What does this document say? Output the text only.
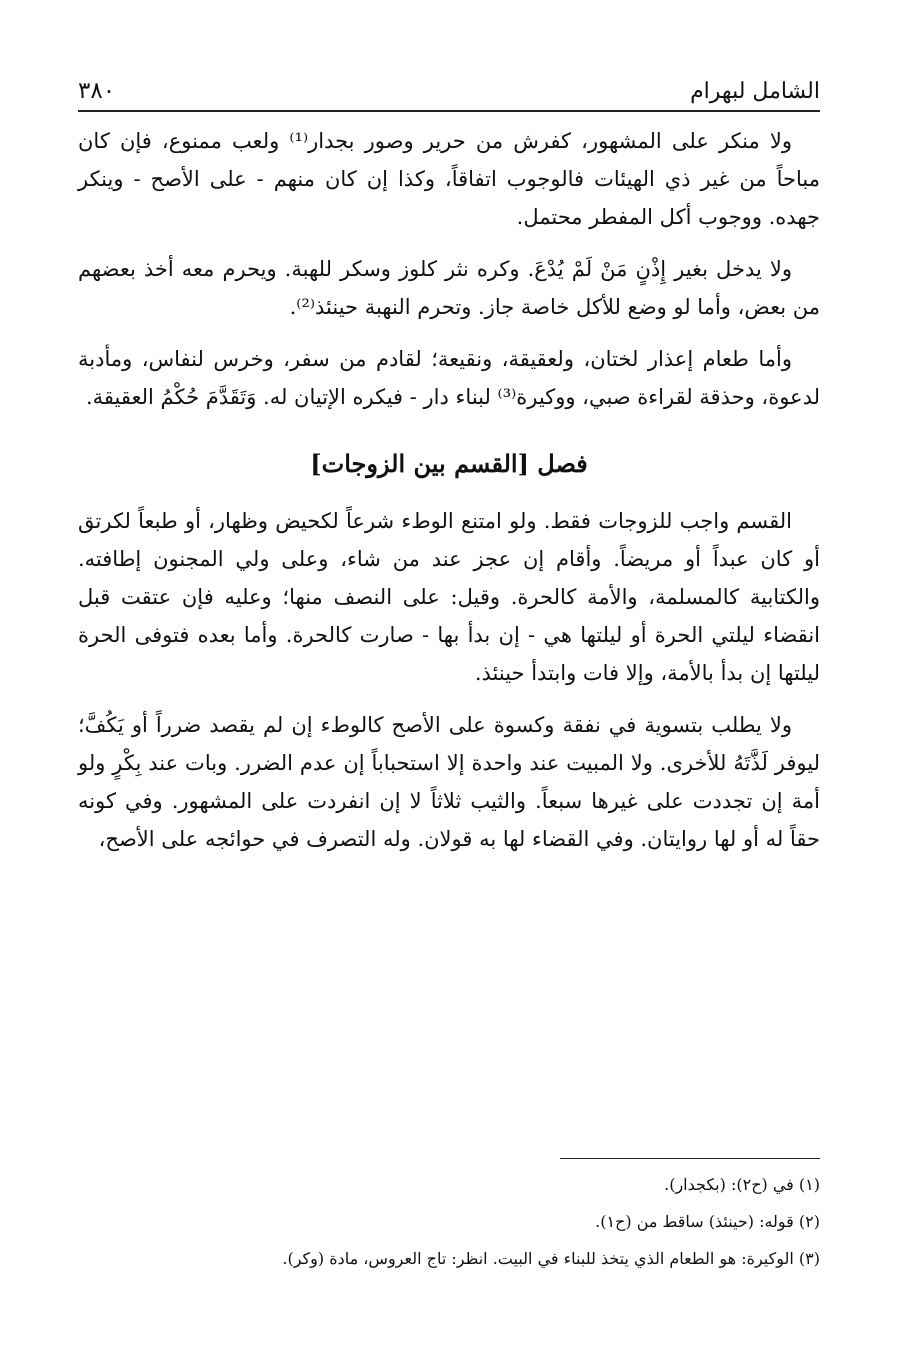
٣٨٠	الشامل لبهرام

ولا منكر على المشهور، كفرش من حرير وصور بجدار⁽¹⁾ ولعب ممنوع، فإن كان مباحاً من غير ذي الهيئات فالوجوب اتفاقاً، وكذا إن كان منهم - على الأصح - وينكر جهده. ووجوب أكل المفطر محتمل.

ولا يدخل بغير إِذْنٍ مَنْ لَمْ يُدْعَ. وكره نثر كلوز وسكر للهبة. ويحرم معه أخذ بعضهم من بعض، وأما لو وضع للأكل خاصة جاز. وتحرم النهبة حينئذ⁽²⁾.

وأما طعام إعذار لختان، ولعقيقة، ونقيعة؛ لقادم من سفر، وخرس لنفاس، ومأدبة لدعوة، وحذقة لقراءة صبي، ووكيرة⁽³⁾ لبناء دار - فيكره الإتيان له. وَتَقَدَّمَ حُكْمُ العقيقة.

فصل [القسم بين الزوجات]

القسم واجب للزوجات فقط. ولو امتنع الوطء شرعاً لكحيض وظهار، أو طبعاً لكرتق أو كان عبداً أو مريضاً. وأقام إن عجز عند من شاء، وعلى ولي المجنون إطافته. والكتابية كالمسلمة، والأمة كالحرة. وقيل: على النصف منها؛ وعليه فإن عتقت قبل انقضاء ليلتي الحرة أو ليلتها هي - إن بدأ بها - صارت كالحرة. وأما بعده فتوفى الحرة ليلتها إن بدأ بالأمة، وإلا فات وابتدأ حينئذ.

ولا يطلب بتسوية في نفقة وكسوة على الأصح كالوطء إن لم يقصد ضرراً أو يَكُفَّ؛ ليوفر لَذَّتَهُ للأخرى. ولا المبيت عند واحدة إلا استحباباً إن عدم الضرر. وبات عند بِكْرٍ ولو أمة إن تجددت على غيرها سبعاً. والثيب ثلاثاً لا إن انفردت على المشهور. وفي كونه حقاً له أو لها روايتان. وفي القضاء لها به قولان. وله التصرف في حوائجه على الأصح،

(١) في (ح٢): (بكجدار).

(٢) قوله: (حينئذ) ساقط من (ح١).

(٣) الوكيرة: هو الطعام الذي يتخذ للبناء في البيت. انظر: تاج العروس، مادة (وكر).
